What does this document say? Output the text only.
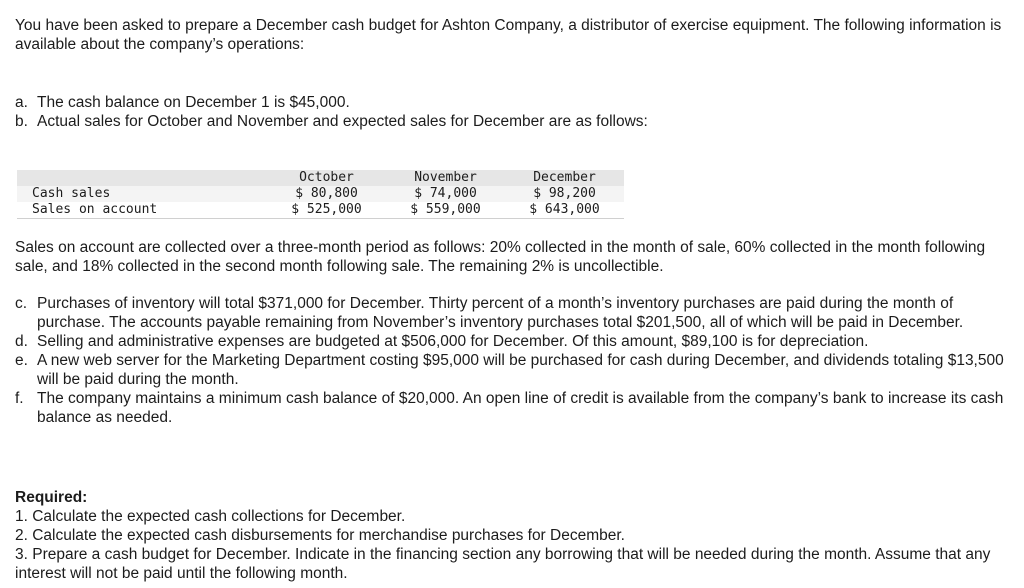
You have been asked to prepare a December cash budget for Ashton Company, a distributor of exercise equipment. The following information is available about the company’s operations:

a. The cash balance on December 1 is $45,000.
b. Actual sales for October and November and expected sales for December are as follows:
	October	November	December
Cash sales	$ 80,800	$ 74,000	$ 98,200
Sales on account	$ 525,000	$ 559,000	$ 643,000

Sales on account are collected over a three-month period as follows: 20% collected in the month of sale, 60% collected in the month following sale, and 18% collected in the second month following sale. The remaining 2% is uncollectible.

c. Purchases of inventory will total $371,000 for December. Thirty percent of a month’s inventory purchases are paid during the month of purchase. The accounts payable remaining from November’s inventory purchases total $201,500, all of which will be paid in December.
d. Selling and administrative expenses are budgeted at $506,000 for December. Of this amount, $89,100 is for depreciation.
e. A new web server for the Marketing Department costing $95,000 will be purchased for cash during December, and dividends totaling $13,500 will be paid during the month.
f. The company maintains a minimum cash balance of $20,000. An open line of credit is available from the company’s bank to increase its cash balance as needed.
Required:
1. Calculate the expected cash collections for December.
2. Calculate the expected cash disbursements for merchandise purchases for December.
3. Prepare a cash budget for December. Indicate in the financing section any borrowing that will be needed during the month. Assume that any interest will not be paid until the following month.
